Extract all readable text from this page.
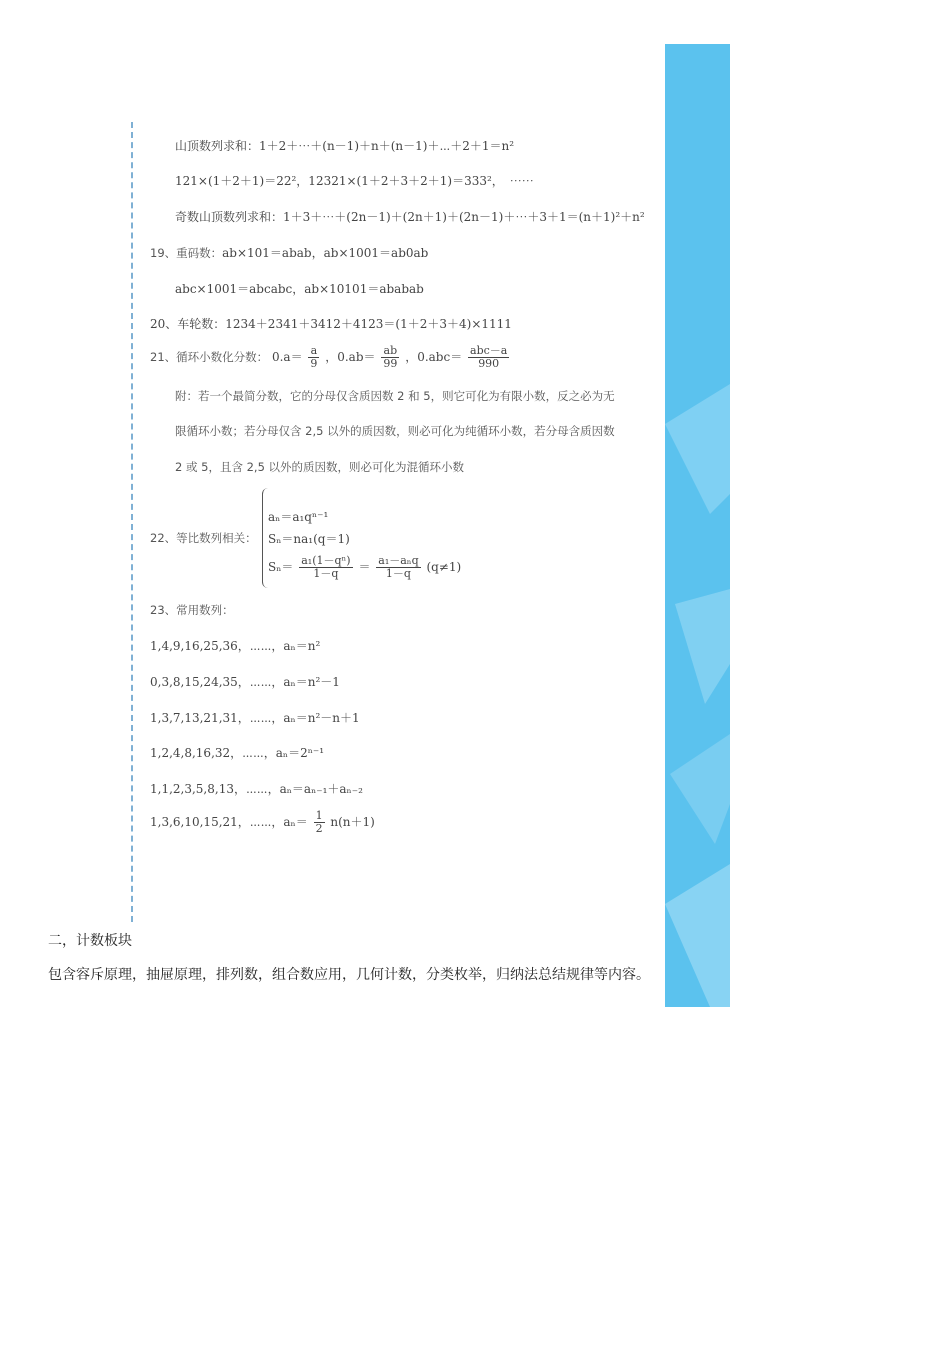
山顶数列求和：1＋2＋⋯＋(n－1)＋n＋(n－1)＋⋯＋2＋1＝n²
121×(1＋2＋1)＝22²，12321×(1＋2＋3＋2＋1)＝333²，　⋯⋯
奇数山顶数列求和：1＋3＋⋯＋(2n－1)＋(2n＋1)＋(2n－1)＋⋯＋3＋1＝(n＋1)²＋n²
19、重码数：ab×101＝abab，ab×1001＝ab0ab
abc×1001＝abcabc，ab×10101＝ababab
20、车轮数：1234＋2341＋3412＋4123＝(1＋2＋3＋4)×1111
21、循环小数化分数： $0.a= \frac{a}{9}$ ，$0.ab= \frac{ab}{99}$ ，$0.abc= \frac{\text{abc－a}}{990}$
附：若一个最简分数，它的分母仅含质因数 2 和 5，则它可化为有限小数，反之必为无
限循环小数；若分母仅含 2,5 以外的质因数，则必可化为纯循环小数，若分母含质因数
2 或 5，且含 2,5 以外的质因数，则必可化为混循环小数
22、等比数列相关：
aₙ＝a₁qⁿ⁻¹
Sₙ＝na₁(q＝1)
$S_n= \frac{\text{a₁(1－qⁿ)}}{1-q} = \frac{\text{a₁－aₙq}}{1-q} (q\ne 1)$
23、常用数列：
1,4,9,16,25,36，⋯⋯，aₙ＝n²
0,3,8,15,24,35，⋯⋯，aₙ＝n²－1
1,3,7,13,21,31，⋯⋯，aₙ＝n²－n＋1
1,2,4,8,16,32，⋯⋯，aₙ＝2ⁿ⁻¹
1,1,2,3,5,8,13，⋯⋯，aₙ＝aₙ₋₁＋aₙ₋₂
1,3,6,10,15,21，⋯⋯，$a_n= \frac{1}{2} n(n+1)$
二，计数板块
包含容斥原理，抽屉原理，排列数，组合数应用，几何计数，分类枚举，归纳法总结规律等内容。
